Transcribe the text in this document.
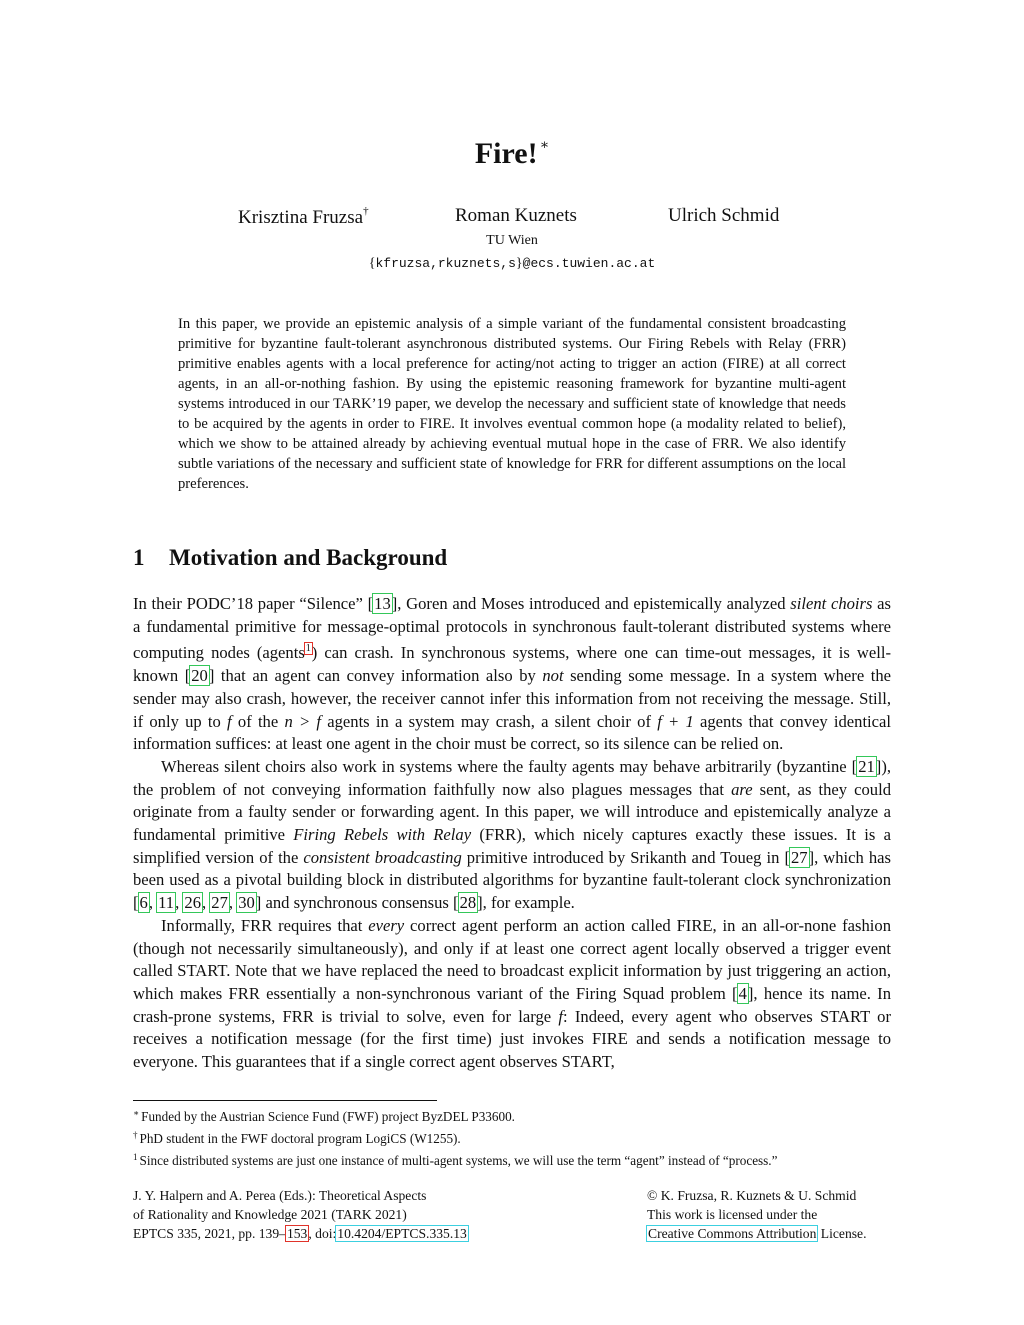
Fire! ∗
Krisztina Fruzsa†	Roman Kuznets	Ulrich Schmid
TU Wien
{kfruzsa,rkuznets,s}@ecs.tuwien.ac.at
In this paper, we provide an epistemic analysis of a simple variant of the fundamental consistent broadcasting primitive for byzantine fault-tolerant asynchronous distributed systems. Our Firing Rebels with Relay (FRR) primitive enables agents with a local preference for acting/not acting to trigger an action (FIRE) at all correct agents, in an all-or-nothing fashion. By using the epistemic reasoning framework for byzantine multi-agent systems introduced in our TARK’19 paper, we develop the necessary and sufficient state of knowledge that needs to be acquired by the agents in order to FIRE. It involves eventual common hope (a modality related to belief), which we show to be attained already by achieving eventual mutual hope in the case of FRR. We also identify subtle variations of the necessary and sufficient state of knowledge for FRR for different assumptions on the local preferences.
1 Motivation and Background

In their PODC’18 paper “Silence” [13], Goren and Moses introduced and epistemically analyzed silent choirs as a fundamental primitive for message-optimal protocols in synchronous fault-tolerant distributed systems where computing nodes (agents$^1$) can crash. In synchronous systems, where one can time-out messages, it is well-known [20] that an agent can convey information also by not sending some message. In a system where the sender may also crash, however, the receiver cannot infer this information from not receiving the message. Still, if only up to f of the n > f agents in a system may crash, a silent choir of f + 1 agents that convey identical information suffices: at least one agent in the choir must be correct, so its silence can be relied on.

Whereas silent choirs also work in systems where the faulty agents may behave arbitrarily (byzantine [21]), the problem of not conveying information faithfully now also plagues messages that are sent, as they could originate from a faulty sender or forwarding agent. In this paper, we will introduce and epistemically analyze a fundamental primitive Firing Rebels with Relay (FRR), which nicely captures exactly these issues. It is a simplified version of the consistent broadcasting primitive introduced by Srikanth and Toueg in [27], which has been used as a pivotal building block in distributed algorithms for byzantine fault-tolerant clock synchronization [6, 11, 26, 27, 30] and synchronous consensus [28], for example.

Informally, FRR requires that every correct agent perform an action called FIRE, in an all-or-none fashion (though not necessarily simultaneously), and only if at least one correct agent locally observed a trigger event called START. Note that we have replaced the need to broadcast explicit information by just triggering an action, which makes FRR essentially a non-synchronous variant of the Firing Squad problem [4], hence its name. In crash-prone systems, FRR is trivial to solve, even for large f: Indeed, every agent who observes START or receives a notification message (for the first time) just invokes FIRE and sends a notification message to everyone. This guarantees that if a single correct agent observes START,

∗ Funded by the Austrian Science Fund (FWF) project ByzDEL P33600.
† PhD student in the FWF doctoral program LogiCS (W1255).
$^1$ Since distributed systems are just one instance of multi-agent systems, we will use the term “agent” instead of “process.”
J. Y. Halpern and A. Perea (Eds.): Theoretical Aspects
of Rationality and Knowledge 2021 (TARK 2021)
EPTCS 335, 2021, pp. 139–153, doi:10.4204/EPTCS.335.13
© K. Fruzsa, R. Kuznets & U. Schmid
This work is licensed under the
Creative Commons Attribution License.
